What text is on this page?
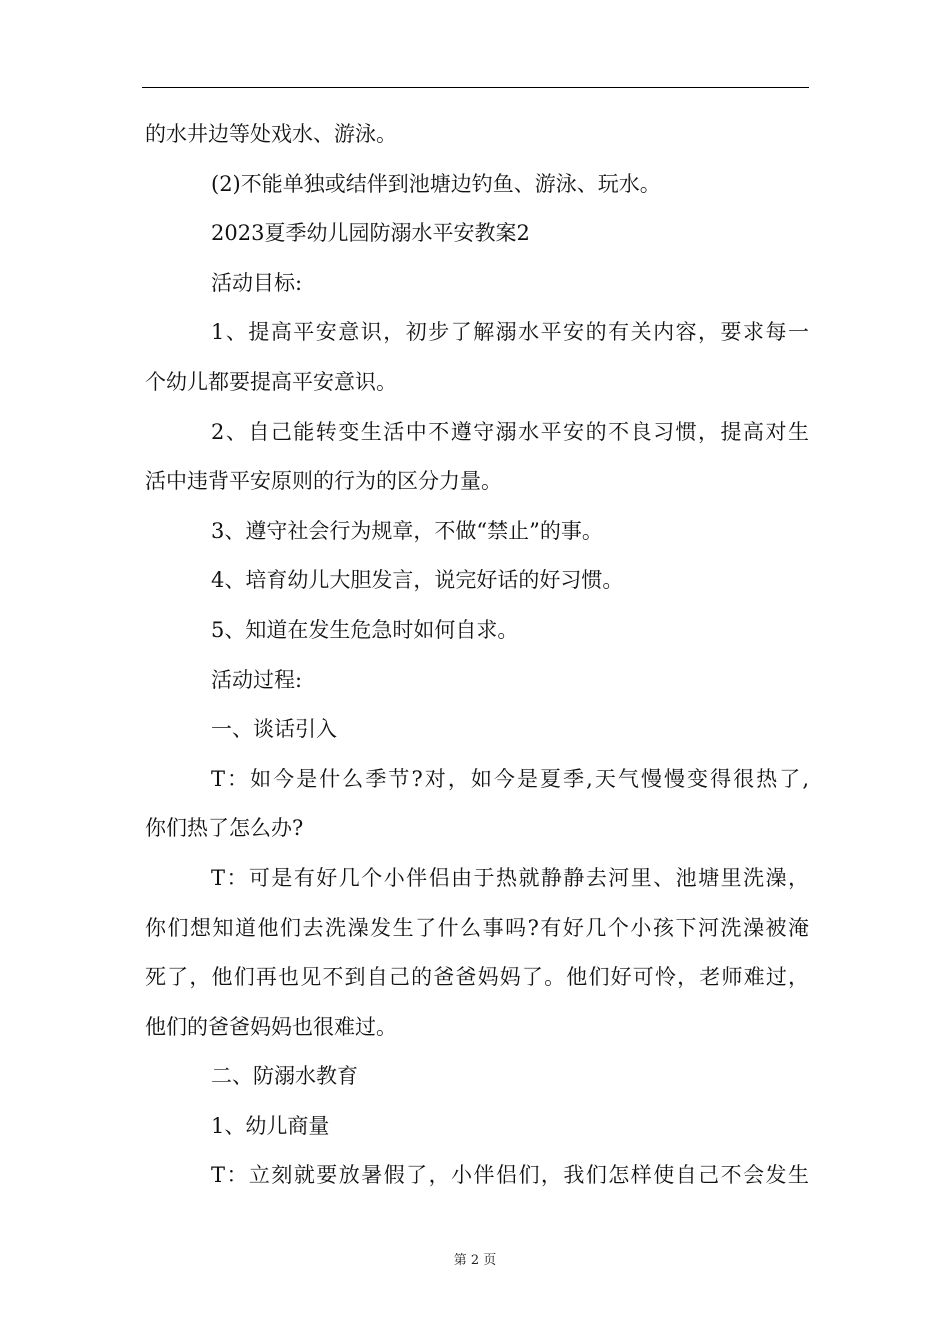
的水井边等处戏水、游泳。
(2)不能单独或结伴到池塘边钓鱼、游泳、玩水。
2023夏季幼儿园防溺水平安教案2
活动目标:
1、提高平安意识，初步了解溺水平安的有关内容，要求每一
个幼儿都要提高平安意识。
2、自己能转变生活中不遵守溺水平安的不良习惯，提高对生
活中违背平安原则的行为的区分力量。
3、遵守社会行为规章，不做“禁止”的事。
4、培育幼儿大胆发言，说完好话的好习惯。
5、知道在发生危急时如何自求。
活动过程:
一、谈话引入
T：如今是什么季节?对，如今是夏季,天气慢慢变得很热了,
你们热了怎么办?
T：可是有好几个小伴侣由于热就静静去河里、池塘里洗澡，
你们想知道他们去洗澡发生了什么事吗?有好几个小孩下河洗澡被淹
死了，他们再也见不到自己的爸爸妈妈了。他们好可怜，老师难过，
他们的爸爸妈妈也很难过。
二、防溺水教育
1、幼儿商量
T：立刻就要放暑假了，小伴侣们，我们怎样使自己不会发生
第 2 页
